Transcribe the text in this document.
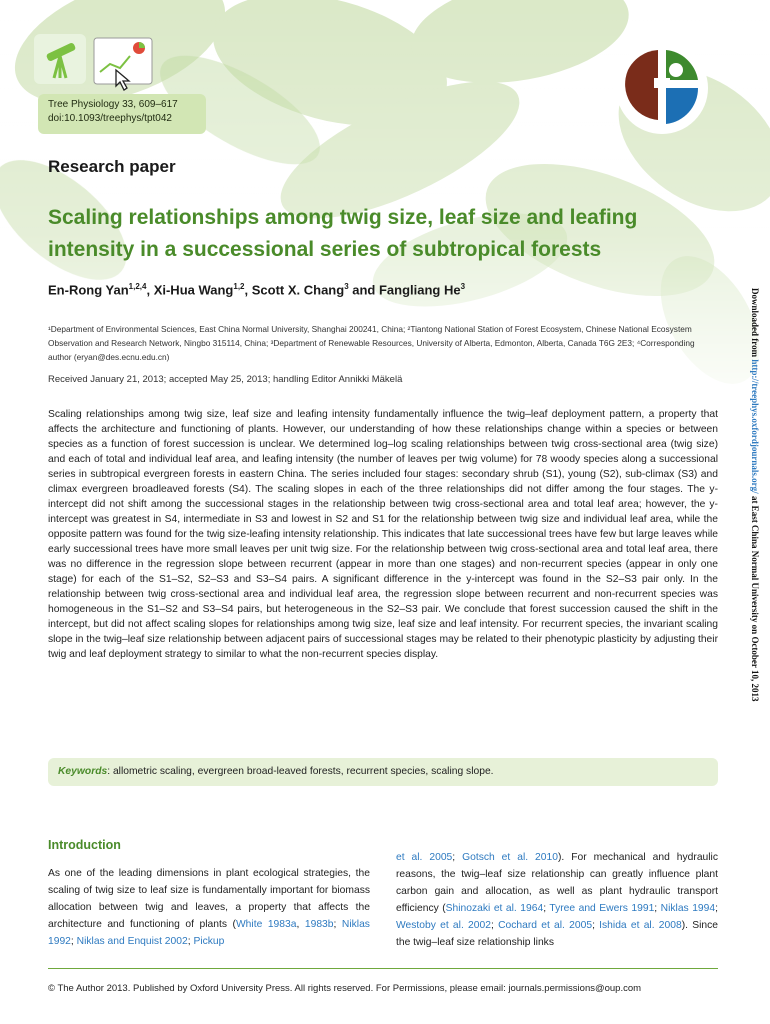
Tree Physiology 33, 609–617
doi:10.1093/treephys/tpt042
Research paper
Scaling relationships among twig size, leaf size and leafing intensity in a successional series of subtropical forests
En-Rong Yan$^{1,2,4}$, Xi-Hua Wang$^{1,2}$, Scott X. Chang$^3$ and Fangliang He$^3$
¹Department of Environmental Sciences, East China Normal University, Shanghai 200241, China; ²Tiantong National Station of Forest Ecosystem, Chinese National Ecosystem Observation and Research Network, Ningbo 315114, China; ³Department of Renewable Resources, University of Alberta, Edmonton, Alberta, Canada T6G 2E3; ⁴Corresponding author (eryan@des.ecnu.edu.cn)
Received January 21, 2013; accepted May 25, 2013; handling Editor Annikki Mäkelä

Scaling relationships among twig size, leaf size and leafing intensity fundamentally influence the twig–leaf deployment pattern, a property that affects the architecture and functioning of plants. However, our understanding of how these relationships change within a species or between species as a function of forest succession is unclear. We determined log–log scaling relationships between twig cross-sectional area (twig size) and each of total and individual leaf area, and leafing intensity (the number of leaves per twig volume) for 78 woody species along a successional series in subtropical evergreen forests in eastern China. The series included four stages: secondary shrub (S1), young (S2), sub-climax (S3) and climax evergreen broadleaved forests (S4). The scaling slopes in each of the three relationships did not differ among the four stages. The y-intercept did not shift among the successional stages in the relationship between twig cross-sectional area and total leaf area; however, the y-intercept was greatest in S4, intermediate in S3 and lowest in S2 and S1 for the relationship between twig size and individual leaf area, while the opposite pattern was found for the twig size-leafing intensity relationship. This indicates that late successional trees have few but large leaves while early successional trees have more small leaves per unit twig size. For the relationship between twig cross-sectional area and total leaf area, there was no difference in the regression slope between recurrent (appear in more than one stages) and non-recurrent species (appear in only one stage) for each of the S1–S2, S2–S3 and S3–S4 pairs. A significant difference in the y-intercept was found in the S2–S3 pair only. In the relationship between twig cross-sectional area and individual leaf area, the regression slope between recurrent and non-recurrent species was homogeneous in the S1–S2 and S3–S4 pairs, but heterogeneous in the S2–S3 pair. We conclude that forest succession caused the shift in the intercept, but did not affect scaling slopes for relationships among twig size, leaf size and leaf intensity. For recurrent species, the invariant scaling slope in the twig–leaf size relationship between adjacent pairs of successional stages may be related to their phenotypic plasticity by adjusting their twig and leaf deployment strategy to similar to what the non-recurrent species display.

Keywords: allometric scaling, evergreen broad-leaved forests, recurrent species, scaling slope.
Downloaded from http://treephys.oxfordjournals.org/ at East China Normal University on October 10, 2013
Introduction
As one of the leading dimensions in plant ecological strategies, the scaling of twig size to leaf size is fundamentally important for biomass allocation between twig and leaves, a property that affects the architecture and functioning of plants (White 1983a, 1983b; Niklas 1992; Niklas and Enquist 2002; Pickup
et al. 2005; Gotsch et al. 2010). For mechanical and hydraulic reasons, the twig–leaf size relationship can greatly influence plant carbon gain and allocation, as well as plant hydraulic transport efficiency (Shinozaki et al. 1964; Tyree and Ewers 1991; Niklas 1994; Westoby et al. 2002; Cochard et al. 2005; Ishida et al. 2008). Since the twig–leaf size relationship links
© The Author 2013. Published by Oxford University Press. All rights reserved. For Permissions, please email: journals.permissions@oup.com
